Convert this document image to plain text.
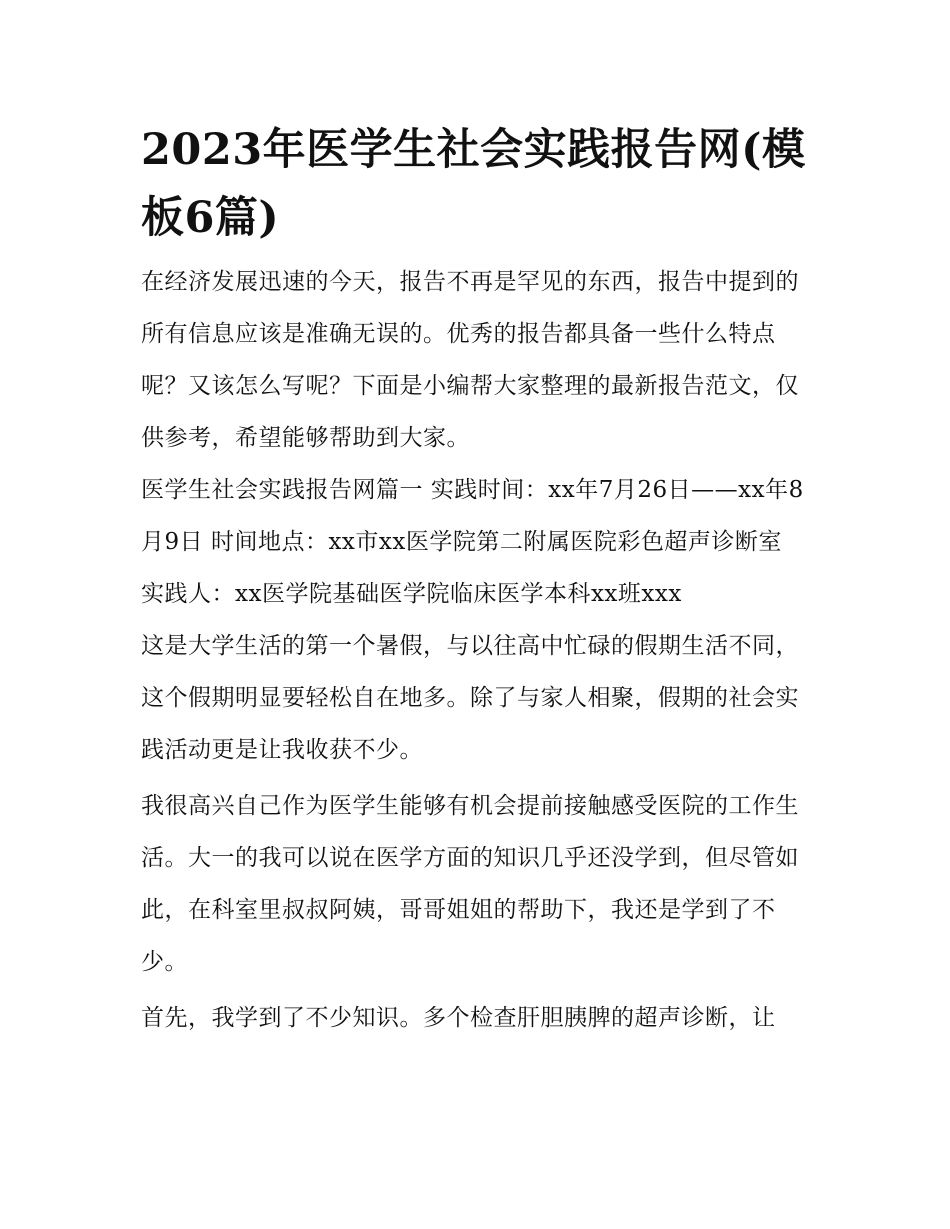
2023年医学生社会实践报告网(模板6篇)

在经济发展迅速的今天，报告不再是罕见的东西，报告中提到的所有信息应该是准确无误的。优秀的报告都具备一些什么特点呢？又该怎么写呢？下面是小编帮大家整理的最新报告范文，仅供参考，希望能够帮助到大家。

医学生社会实践报告网篇一 实践时间：xx年7月26日——xx年8月9日 时间地点：xx市xx医学院第二附属医院彩色超声诊断室

实践人：xx医学院基础医学院临床医学本科xx班xxx

这是大学生活的第一个暑假，与以往高中忙碌的假期生活不同，这个假期明显要轻松自在地多。除了与家人相聚，假期的社会实践活动更是让我收获不少。

我很高兴自己作为医学生能够有机会提前接触感受医院的工作生活。大一的我可以说在医学方面的知识几乎还没学到，但尽管如此，在科室里叔叔阿姨，哥哥姐姐的帮助下，我还是学到了不少。

首先，我学到了不少知识。多个检查肝胆胰脾的超声诊断，让
